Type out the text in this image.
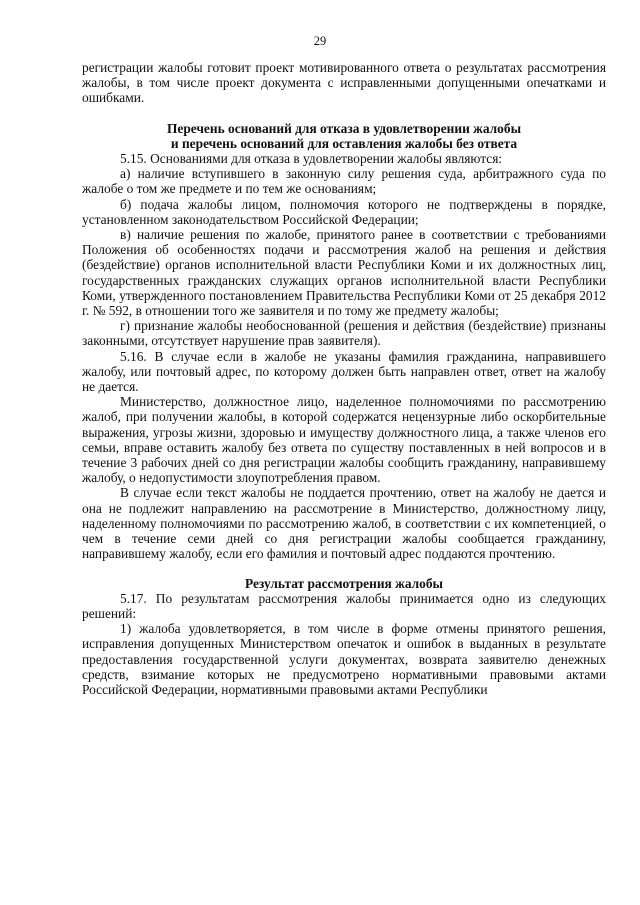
29

регистрации жалобы готовит проект мотивированного ответа о результатах рассмотрения жалобы, в том числе проект документа с исправленными допущенными опечатками и ошибками.

Перечень оснований для отказа в удовлетворении жалобы

и перечень оснований для оставления жалобы без ответа

5.15. Основаниями для отказа в удовлетворении жалобы являются:

а) наличие вступившего в законную силу решения суда, арбитражного суда по жалобе о том же предмете и по тем же основаниям;

б) подача жалобы лицом, полномочия которого не подтверждены в порядке, установленном законодательством Российской Федерации;

в) наличие решения по жалобе, принятого ранее в соответствии с требованиями Положения об особенностях подачи и рассмотрения жалоб на решения и действия (бездействие) органов исполнительной власти Республики Коми и их должностных лиц, государственных гражданских служащих органов исполнительной власти Республики Коми, утвержденного постановлением Правительства Республики Коми от 25 декабря 2012 г. № 592, в отношении того же заявителя и по тому же предмету жалобы;

г) признание жалобы необоснованной (решения и действия (бездействие) признаны законными, отсутствует нарушение прав заявителя).

5.16. В случае если в жалобе не указаны фамилия гражданина, направившего жалобу, или почтовый адрес, по которому должен быть направлен ответ, ответ на жалобу не дается.

Министерство, должностное лицо, наделенное полномочиями по рассмотрению жалоб, при получении жалобы, в которой содержатся нецензурные либо оскорбительные выражения, угрозы жизни, здоровью и имуществу должностного лица, а также членов его семьи, вправе оставить жалобу без ответа по существу поставленных в ней вопросов и в течение 3 рабочих дней со дня регистрации жалобы сообщить гражданину, направившему жалобу, о недопустимости злоупотребления правом.

В случае если текст жалобы не поддается прочтению, ответ на жалобу не дается и она не подлежит направлению на рассмотрение в Министерство, должностному лицу, наделенному полномочиями по рассмотрению жалоб, в соответствии с их компетенцией, о чем в течение семи дней со дня регистрации жалобы сообщается гражданину, направившему жалобу, если его фамилия и почтовый адрес поддаются прочтению.

Результат рассмотрения жалобы

5.17. По результатам рассмотрения жалобы принимается одно из следующих решений:

1) жалоба удовлетворяется, в том числе в форме отмены принятого решения, исправления допущенных Министерством опечаток и ошибок в выданных в результате предоставления государственной услуги документах, возврата заявителю денежных средств, взимание которых не предусмотрено нормативными правовыми актами Российской Федерации, нормативными правовыми актами Республики
